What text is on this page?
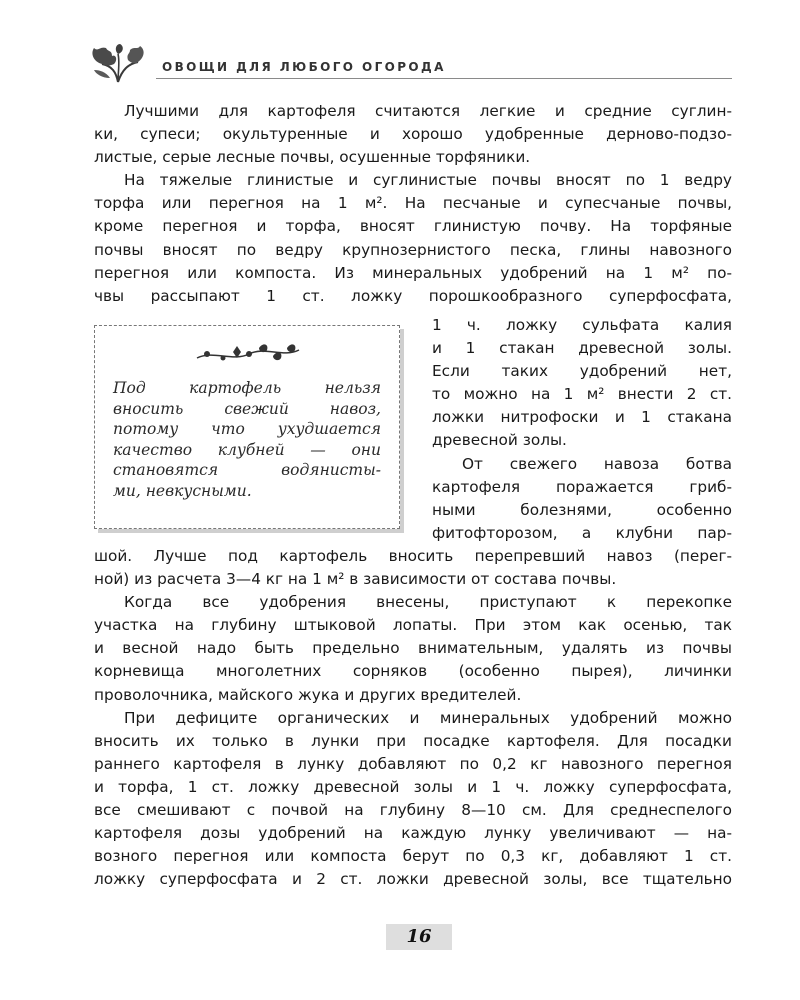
ОВОЩИ ДЛЯ ЛЮБОГО ОГОРОДА
Лучшими для картофеля считаются легкие и средние суглин-
ки, супеси; окультуренные и хорошо удобренные дерново-подзо-
листые, серые лесные почвы, осушенные торфяники.
На тяжелые глинистые и суглинистые почвы вносят по 1 ведру
торфа или перегноя на 1 м². На песчаные и супесчаные почвы,
кроме перегноя и торфа, вносят глинистую почву. На торфяные
почвы вносят по ведру крупнозернистого песка, глины навозного
перегноя или компоста. Из минеральных удобрений на 1 м² по-
чвы рассыпают 1 ст. ложку порошкообразного суперфосфата,
Под картофель нельзя
вносить свежий навоз,
потому что ухудшается
качество клубней — они
становятся водянисты-
ми, невкусными.
1 ч. ложку сульфата калия
и 1 стакан древесной золы.
Если таких удобрений нет,
то можно на 1 м² внести 2 ст.
ложки нитрофоски и 1 стакана
древесной золы.
От свежего навоза ботва
картофеля поражается гриб-
ными болезнями, особенно
фитофторозом, а клубни пар-
шой. Лучше под картофель вносить перепревший навоз (перег-
ной) из расчета 3—4 кг на 1 м² в зависимости от состава почвы.
Когда все удобрения внесены, приступают к перекопке
участка на глубину штыковой лопаты. При этом как осенью, так
и весной надо быть предельно внимательным, удалять из почвы
корневища многолетних сорняков (особенно пырея), личинки
проволочника, майского жука и других вредителей.
При дефиците органических и минеральных удобрений можно
вносить их только в лунки при посадке картофеля. Для посадки
раннего картофеля в лунку добавляют по 0,2 кг навозного перегноя
и торфа, 1 ст. ложку древесной золы и 1 ч. ложку суперфосфата,
все смешивают с почвой на глубину 8—10 см. Для среднеспелого
картофеля дозы удобрений на каждую лунку увеличивают — на-
возного перегноя или компоста берут по 0,3 кг, добавляют 1 ст.
ложку суперфосфата и 2 ст. ложки древесной золы, все тщательно
16
